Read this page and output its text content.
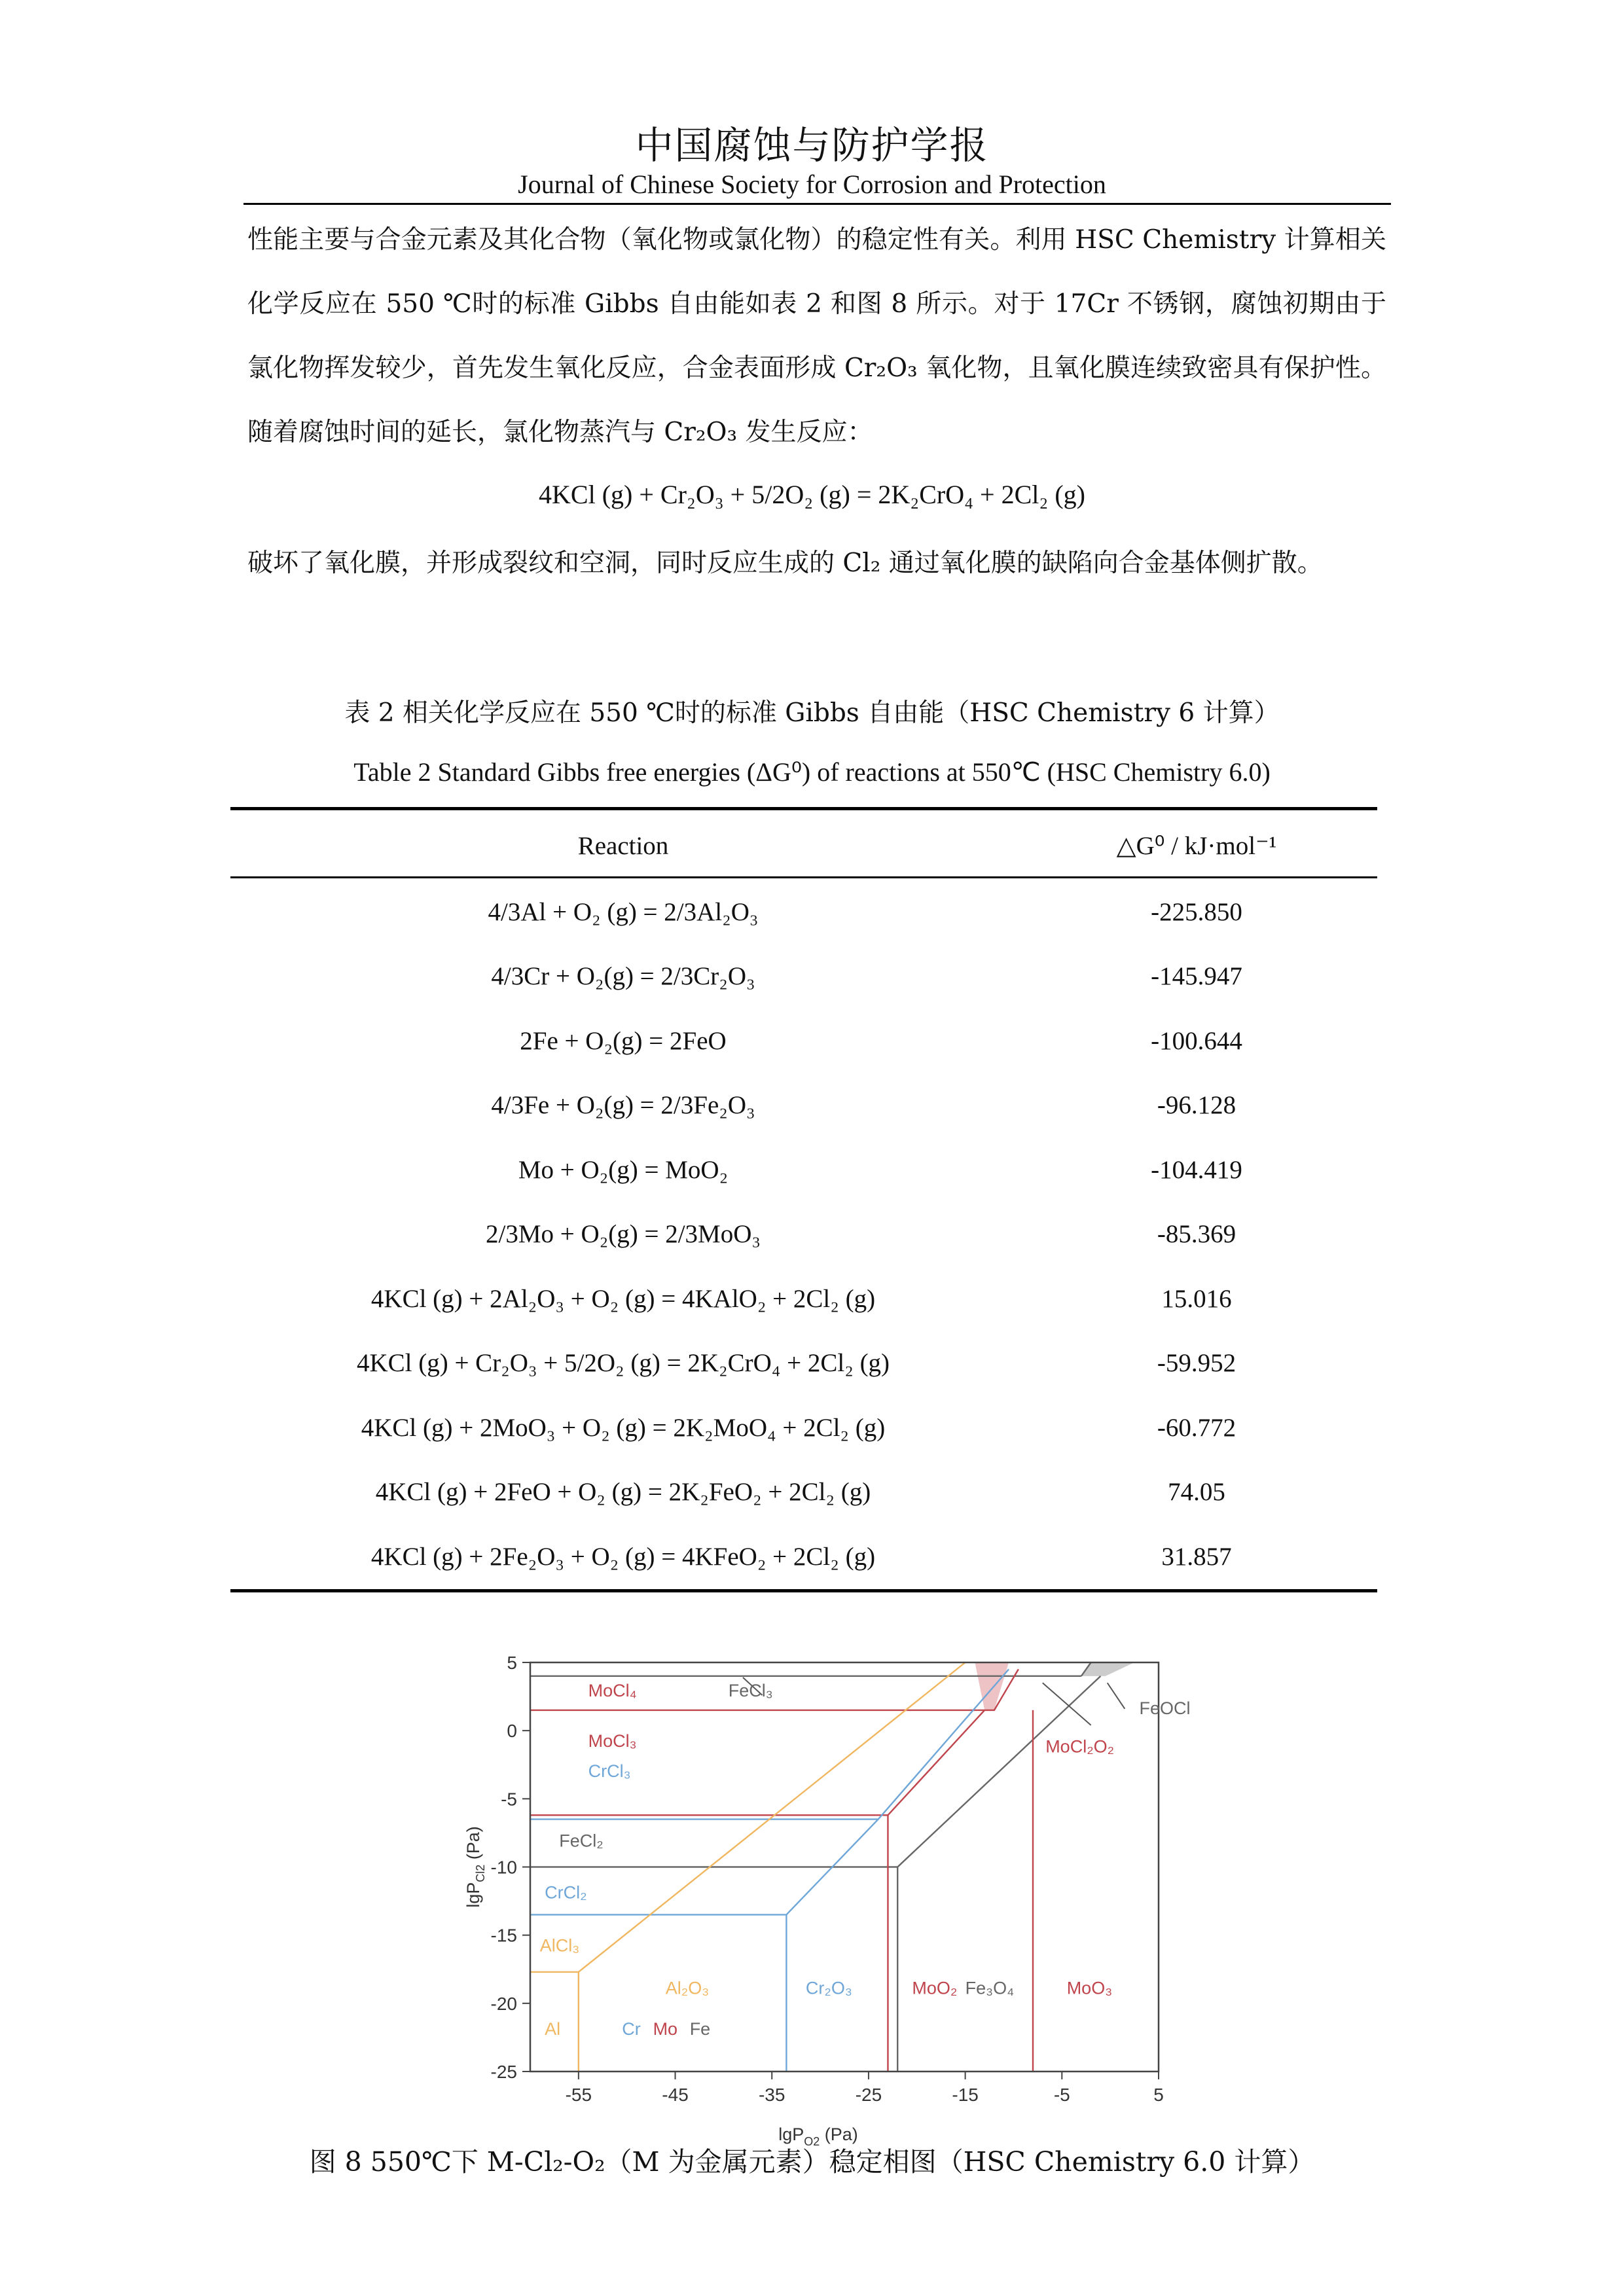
中国腐蚀与防护学报
Journal of Chinese Society for Corrosion and Protection

性能主要与合金元素及其化合物（氧化物或氯化物）的稳定性有关。利用 HSC Chemistry 计算相关化学反应在 550 ℃时的标准 Gibbs 自由能如表 2 和图 8 所示。对于 17Cr 不锈钢，腐蚀初期由于氯化物挥发较少，首先发生氧化反应，合金表面形成 Cr₂O₃ 氧化物，且氧化膜连续致密具有保护性。随着腐蚀时间的延长，氯化物蒸汽与 Cr₂O₃ 发生反应：

4KCl (g) + Cr₂O₃ + 5/2O₂ (g) = 2K₂CrO₄ + 2Cl₂ (g)

破坏了氧化膜，并形成裂纹和空洞，同时反应生成的 Cl₂ 通过氧化膜的缺陷向合金基体侧扩散。

表 2 相关化学反应在 550 ℃时的标准 Gibbs 自由能（HSC Chemistry 6 计算）
Table 2 Standard Gibbs free energies (ΔG⁰) of reactions at 550℃ (HSC Chemistry 6.0)
Reaction	△G⁰ / kJ·mol⁻¹
4/3Al + O₂ (g) = 2/3Al₂O₃	-225.850
4/3Cr + O₂(g) = 2/3Cr₂O₃	-145.947
2Fe + O₂(g) = 2FeO	-100.644
4/3Fe + O₂(g) = 2/3Fe₂O₃	-96.128
Mo + O₂(g) = MoO₂	-104.419
2/3Mo + O₂(g) = 2/3MoO₃	-85.369
4KCl (g) + 2Al₂O₃ + O₂ (g) = 4KAlO₂ + 2Cl₂ (g)	15.016
4KCl (g) + Cr₂O₃ + 5/2O₂ (g) = 2K₂CrO₄ + 2Cl₂ (g)	-59.952
4KCl (g) + 2MoO₃ + O₂ (g) = 2K₂MoO₄ + 2Cl₂ (g)	-60.772
4KCl (g) + 2FeO + O₂ (g) = 2K₂FeO₂ + 2Cl₂ (g)	74.05
4KCl (g) + 2Fe₂O₃ + O₂ (g) = 4KFeO₂ + 2Cl₂ (g)	31.857
-55	-45	-35	-25	-15	-5	5
5
0
-5
-10
-15
-20
-25
lgP$_{O2}$ (Pa)
lgP$_{Cl2}$ (Pa)
MoCl₄	FeCl₃
FeOCl
MoCl₃
CrCl₃
MoCl₂O₂
FeCl₂
CrCl₂
AlCl₃
Al₂O₃	Cr₂O₃	MoO₂ Fe₃O₄	MoO₃
Al	Cr Mo Fe
图 8 550℃下 M-Cl₂-O₂（M 为金属元素）稳定相图（HSC Chemistry 6.0 计算）
